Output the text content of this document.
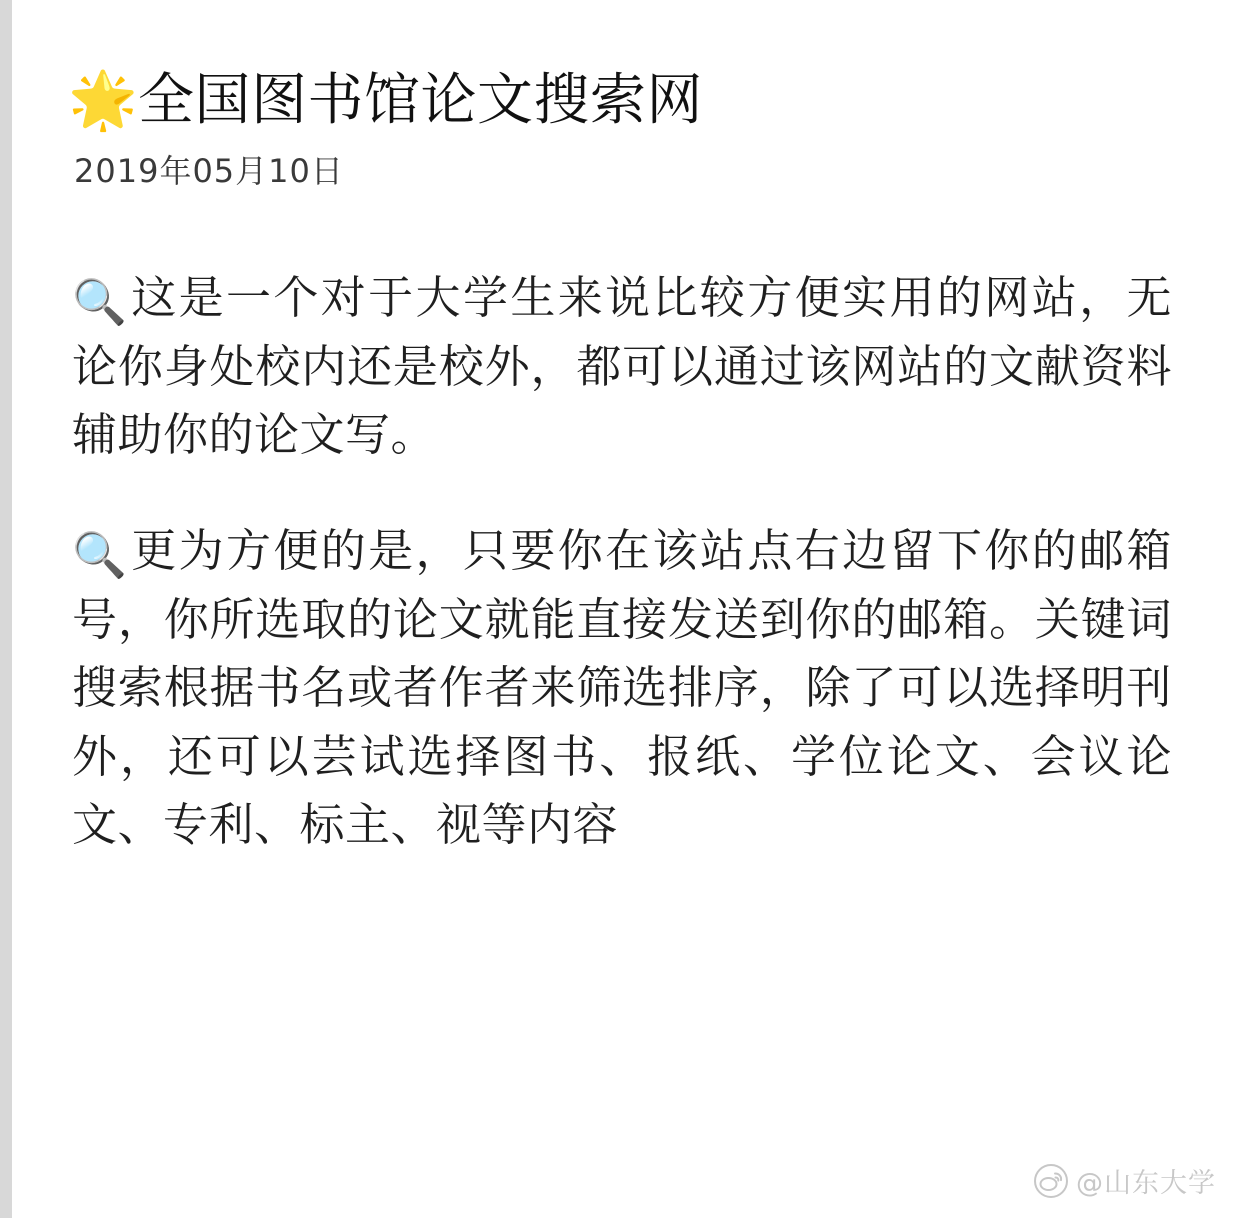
🌟 全国图书馆论文搜索网
2019年05月10日

🔍这是一个对于大学生来说比较方便实用的网站，无论你身处校内还是校外，都可以通过该网站的文献资料辅助你的论文写。

🔍更为方便的是，只要你在该站点右边留下你的邮箱号，你所选取的论文就能直接发送到你的邮箱。关键词搜索根据书名或者作者来筛选排序，除了可以选择明刊外，还可以芸试选择图书、报纸、学位论文、会议论文、专利、标主、视等内容

@山东大学
